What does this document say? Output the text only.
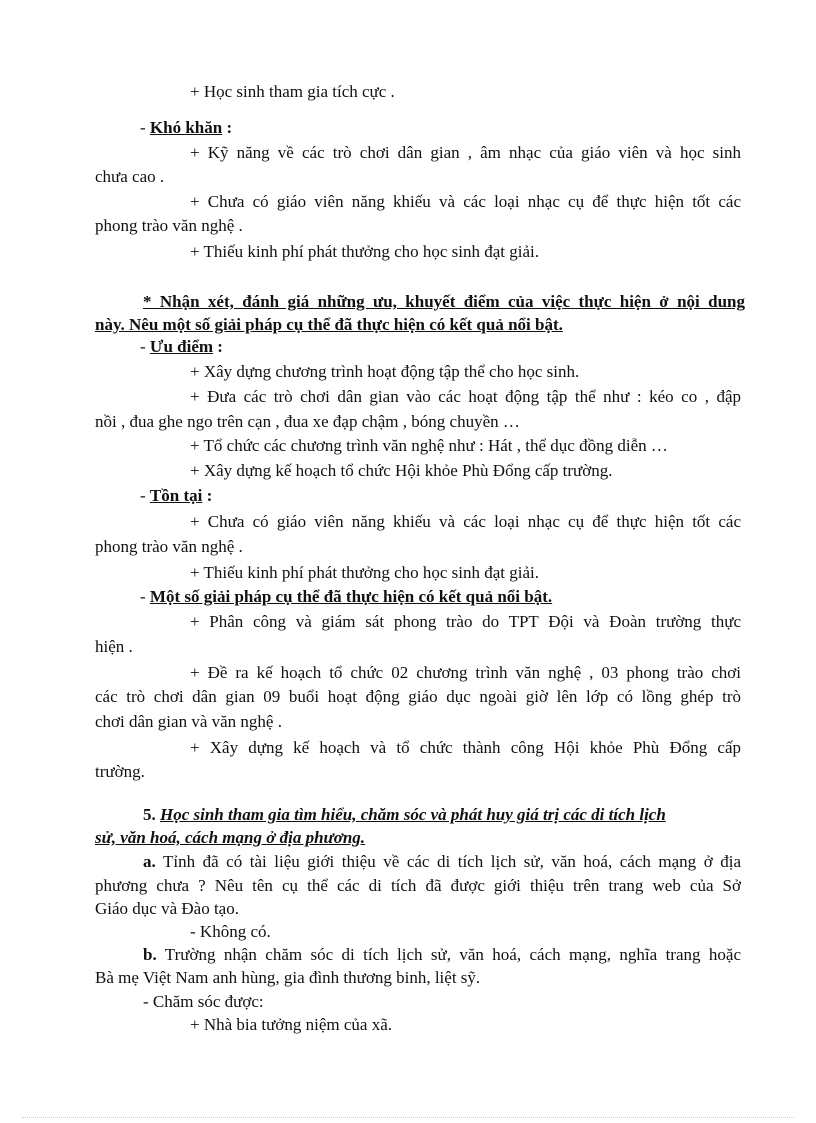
+ Học sinh tham gia tích cực .
- Khó khăn :
+ Kỹ năng về các trò chơi dân gian , âm nhạc của giáo viên và học sinh
chưa cao .
+ Chưa có giáo viên năng khiếu và các loại nhạc cụ để thực hiện tốt các
phong trào văn nghệ .
+ Thiếu kinh phí phát thưởng cho học sinh đạt giải.
* Nhận xét, đánh giá những ưu, khuyết điểm của việc thực hiện ở nội dung
này. Nêu một số giải pháp cụ thể đã thực hiện có kết quả nổi bật.
- Ưu điểm :
+ Xây dựng chương trình hoạt động tập thể cho học sinh.
+ Đưa các trò chơi dân gian vào các hoạt động tập thể như : kéo co , đập
nồi , đua ghe ngo trên cạn , đua xe đạp chậm , bóng chuyền …
+ Tổ chức các chương trình văn nghệ như : Hát , thể dục đồng diễn …
+ Xây dựng kế hoạch tổ chức Hội khỏe Phù Đổng cấp trường.
- Tồn tại :
+ Chưa có giáo viên năng khiếu và các loại nhạc cụ để thực hiện tốt các
phong trào văn nghệ .
+ Thiếu kinh phí phát thưởng cho học sinh đạt giải.
- Một số giải pháp cụ thể đã thực hiện có kết quả nổi bật.
+ Phân công và giám sát phong trào do TPT Đội và Đoàn trường thực
hiện .
+ Đề ra kế hoạch tổ chức 02 chương trình văn nghệ , 03 phong trào chơi
các trò chơi dân gian 09 buổi hoạt động giáo dục ngoài giờ lên lớp có lồng ghép trò
chơi dân gian và văn nghệ .
+ Xây dựng kế hoạch và tổ chức thành công Hội khỏe Phù Đổng cấp
trường.
5. Học sinh tham gia tìm hiểu, chăm sóc và phát huy giá trị các di tích lịch
sử, văn hoá, cách mạng ở địa phương.
a. Tỉnh đã có tài liệu giới thiệu về các di tích lịch sử, văn hoá, cách mạng ở địa
phương chưa ? Nêu tên cụ thể các di tích đã được giới thiệu trên trang web của Sở
Giáo dục và Đào tạo.
- Không có.
b. Trường nhận chăm sóc di tích lịch sử, văn hoá, cách mạng, nghĩa trang hoặc
Bà mẹ Việt Nam anh hùng, gia đình thương binh, liệt sỹ.
- Chăm sóc được:
+ Nhà bia tưởng niệm của xã.
